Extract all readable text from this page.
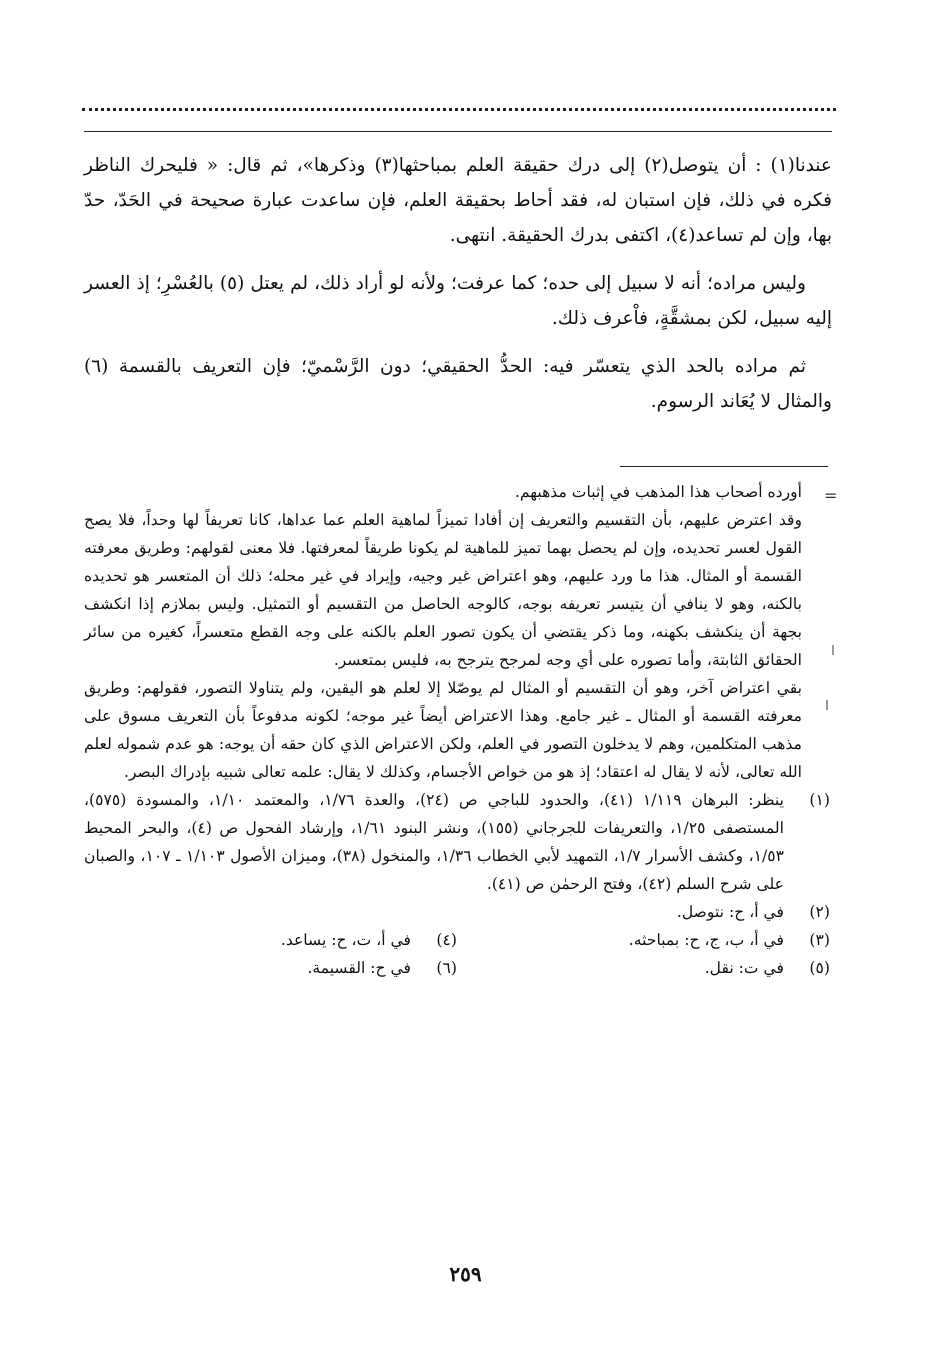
عندنا(١) : أن يتوصل(٢) إلى درك حقيقة العلم بمباحثها(٣) وذكرها»، ثم قال: « فليحرك الناظر فكره في ذلك، فإن استبان له، فقد أحاط بحقيقة العلم، فإن ساعدت عبارة صحيحة في الحَدّ، حدّ بها، وإن لم تساعد(٤)، اكتفى بدرك الحقيقة. انتهى.

وليس مراده؛ أنه لا سبيل إلى حده؛ كما عرفت؛ ولأنه لو أراد ذلك، لم يعتل (٥) بالعُسْرِ؛ إذ العسر إليه سبيل، لكن بمشقَّةٍ، فاْعرف ذلك.

ثم مراده بالحد الذي يتعسّر فيه: الحدُّ الحقيقي؛ دون الرَّسْميّ؛ فإن التعريف بالقسمة (٦) والمثال لا يُعَاند الرسوم.

=

أورده أصحاب هذا المذهب في إثبات مذهبهم.

وقد اعترض عليهم، بأن التقسيم والتعريف إن أفادا تميزاً لماهية العلم عما عداها، كانا تعريفاً لها وحداً، فلا يصح القول لعسر تحديده، وإن لم يحصل بهما تميز للماهية لم يكونا طريقاً لمعرفتها. فلا معنى لقولهم: وطريق معرفته القسمة أو المثال. هذا ما ورد عليهم، وهو اعتراض غير وجيه، وإيراد في غير محله؛ ذلك أن المتعسر هو تحديده بالكنه، وهو لا ينافي أن يتيسر تعريفه بوجه، كالوجه الحاصل من التقسيم أو التمثيل. وليس بملازم إذا انكشف بجهة أن ينكشف بكهنه، وما ذكر يقتضي أن يكون تصور العلم بالكنه على وجه القطع متعسراً، كغيره من سائر الحقائق الثابتة، وأما تصوره على أي وجه لمرجح يترجح به، فليس بمتعسر.

بقي اعتراض آخر، وهو أن التقسيم أو المثال لم يوصّلا إلا لعلم هو اليقين، ولم يتناولا التصور، فقولهم: وطريق معرفته القسمة أو المثال ـ غير جامع. وهذا الاعتراض أيضاً غير موجه؛ لكونه مدفوعاً بأن التعريف مسوق على مذهب المتكلمين، وهم لا يدخلون التصور في العلم، ولكن الاعتراض الذي كان حقه أن يوجه: هو عدم شموله لعلم الله تعالى، لأنه لا يقال له اعتقاد؛ إذ هو من خواص الأجسام، وكذلك لا يقال: علمه تعالى شبيه بإدراك البصر.

(١)
ينظر: البرهان ١/١١٩ (٤١)، والحدود للباجي ص (٢٤)، والعدة ١/٧٦، والمعتمد ١/١٠، والمسودة (٥٧٥)، المستصفى ١/٢٥، والتعريفات للجرجاني (١٥٥)، ونشر البنود ١/٦١، وإرشاد الفحول ص (٤)، والبحر المحيط ١/٥٣، وكشف الأسرار ١/٧، التمهيد لأبي الخطاب ١/٣٦، والمنخول (٣٨)، وميزان الأصول ١/١٠٣ ـ ١٠٧، والصبان على شرح السلم (٤٢)، وفتح الرحمٰن ص (٤١).

(٢)
في أ، ح: نتوصل.

(٣)
في أ، ب، ج، ح: بمباحثه.
(٤)
في أ، ت، ح: يساعد.
(٥)
في ت: نقل.
(٦)
في ح: القسيمة.
٢٥٩
